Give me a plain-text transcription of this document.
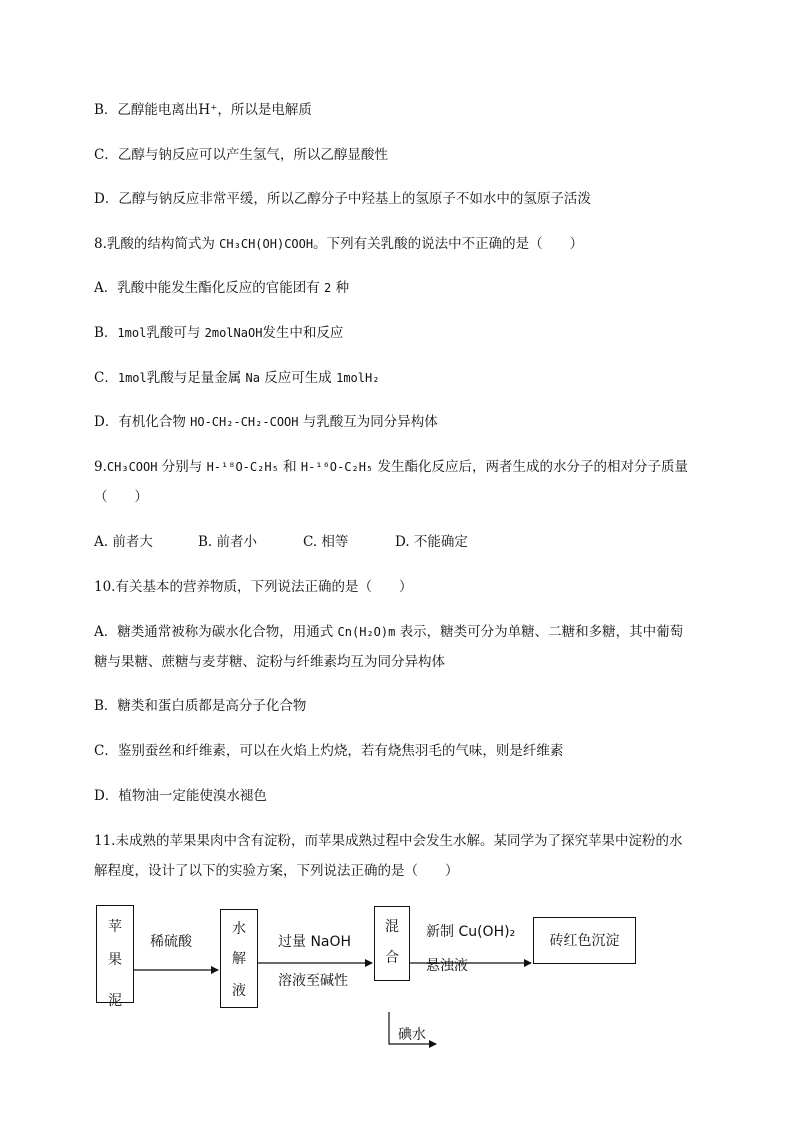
B．乙醇能电离出H⁺，所以是电解质
C．乙醇与钠反应可以产生氢气，所以乙醇显酸性
D．乙醇与钠反应非常平缓，所以乙醇分子中羟基上的氢原子不如水中的氢原子活泼
8.乳酸的结构简式为 CH₃CH(OH)COOH。下列有关乳酸的说法中不正确的是（　　）
A．乳酸中能发生酯化反应的官能团有 2 种
B．1mol乳酸可与 2molNaOH发生中和反应
C．1mol乳酸与足量金属 Na 反应可生成 1molH₂
D．有机化合物 HO-CH₂-CH₂-COOH 与乳酸互为同分异构体
9.CH₃COOH 分别与 H-¹⁸O-C₂H₅ 和 H-¹⁶O-C₂H₅ 发生酯化反应后，两者生成的水分子的相对分子质量
（　　）
A. 前者大	B. 前者小	C. 相等	D. 不能确定
10.有关基本的营养物质，下列说法正确的是（　　）
A．糖类通常被称为碳水化合物，用通式 Cn(H₂O)m 表示，糖类可分为单糖、二糖和多糖，其中葡萄
糖与果糖、蔗糖与麦芽糖、淀粉与纤维素均互为同分异构体
B．糖类和蛋白质都是高分子化合物
C．鉴别蚕丝和纤维素，可以在火焰上灼烧，若有烧焦羽毛的气味，则是纤维素
D．植物油一定能使溴水褪色
11.未成熟的苹果果肉中含有淀粉，而苹果成熟过程中会发生水解。某同学为了探究苹果中淀粉的水
解程度，设计了以下的实验方案，下列说法正确的是（　　）
苹
果
泥
水
解
液
混
合
砖红色沉淀
稀硫酸	过量 NaOH
溶液至碱性
新制 Cu(OH)₂
悬浊液
碘水
